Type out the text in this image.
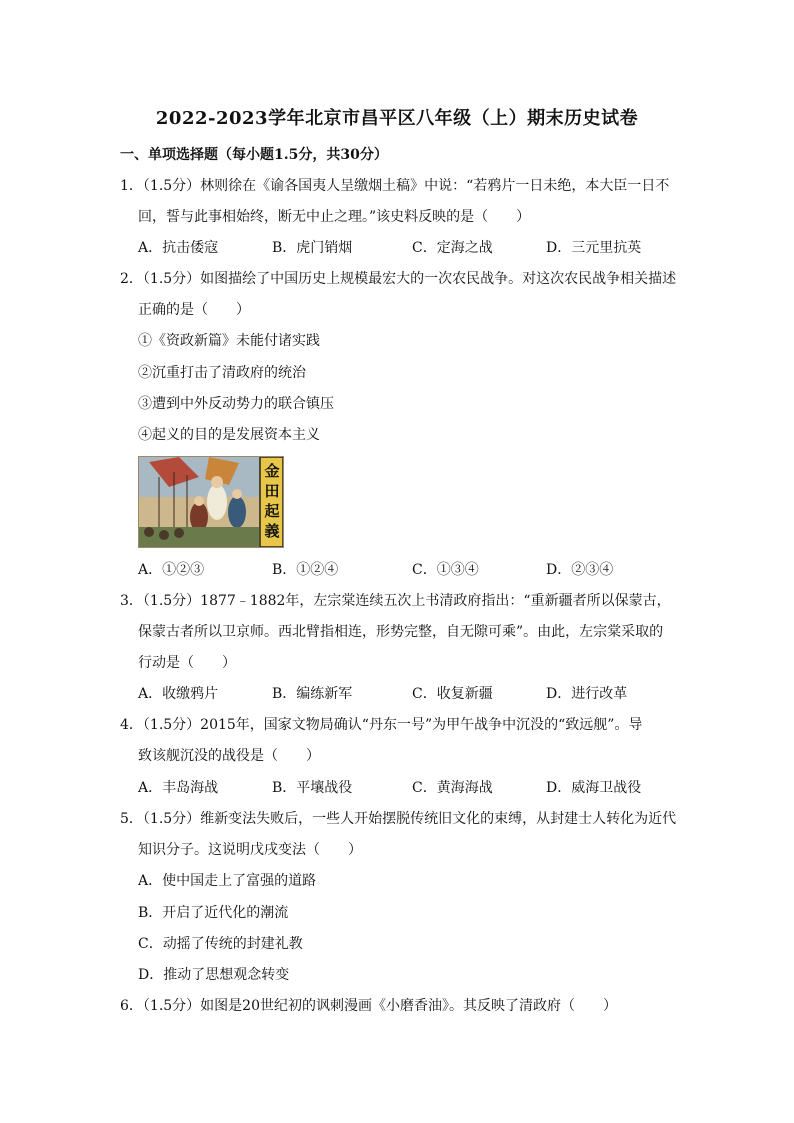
2022-2023学年北京市昌平区八年级（上）期末历史试卷
一、单项选择题（每小题1.5分，共30分）
1．（1.5分）林则徐在《谕各国夷人呈缴烟土稿》中说：“若鸦片一日未绝，本大臣一日不
回，誓与此事相始终，断无中止之理。”该史料反映的是（　　）
A．抗击倭寇	B．虎门销烟	C．定海之战	D．三元里抗英
2．（1.5分）如图描绘了中国历史上规模最宏大的一次农民战争。对这次农民战争相关描述
正确的是（　　）
①《资政新篇》未能付诸实践
②沉重打击了清政府的统治
③遭到中外反动势力的联合镇压
④起义的目的是发展资本主义
金田起義
A．①②③	B．①②④	C．①③④	D．②③④
3．（1.5分）1877﹣1882年，左宗棠连续五次上书清政府指出：“重新疆者所以保蒙古，
保蒙古者所以卫京师。西北臂指相连，形势完整，自无隙可乘”。由此，左宗棠采取的
行动是（　　）
A．收缴鸦片	B．编练新军	C．收复新疆	D．进行改革
4．（1.5分）2015年，国家文物局确认“丹东一号”为甲午战争中沉没的“致远舰”。导
致该舰沉没的战役是（　　）
A．丰岛海战	B．平壤战役	C．黄海海战	D．威海卫战役
5．（1.5分）维新变法失败后，一些人开始摆脱传统旧文化的束缚，从封建士人转化为近代
知识分子。这说明戊戌变法（　　）
A．使中国走上了富强的道路
B．开启了近代化的潮流
C．动摇了传统的封建礼教
D．推动了思想观念转变
6．（1.5分）如图是20世纪初的讽刺漫画《小磨香油》。其反映了清政府（　　）
